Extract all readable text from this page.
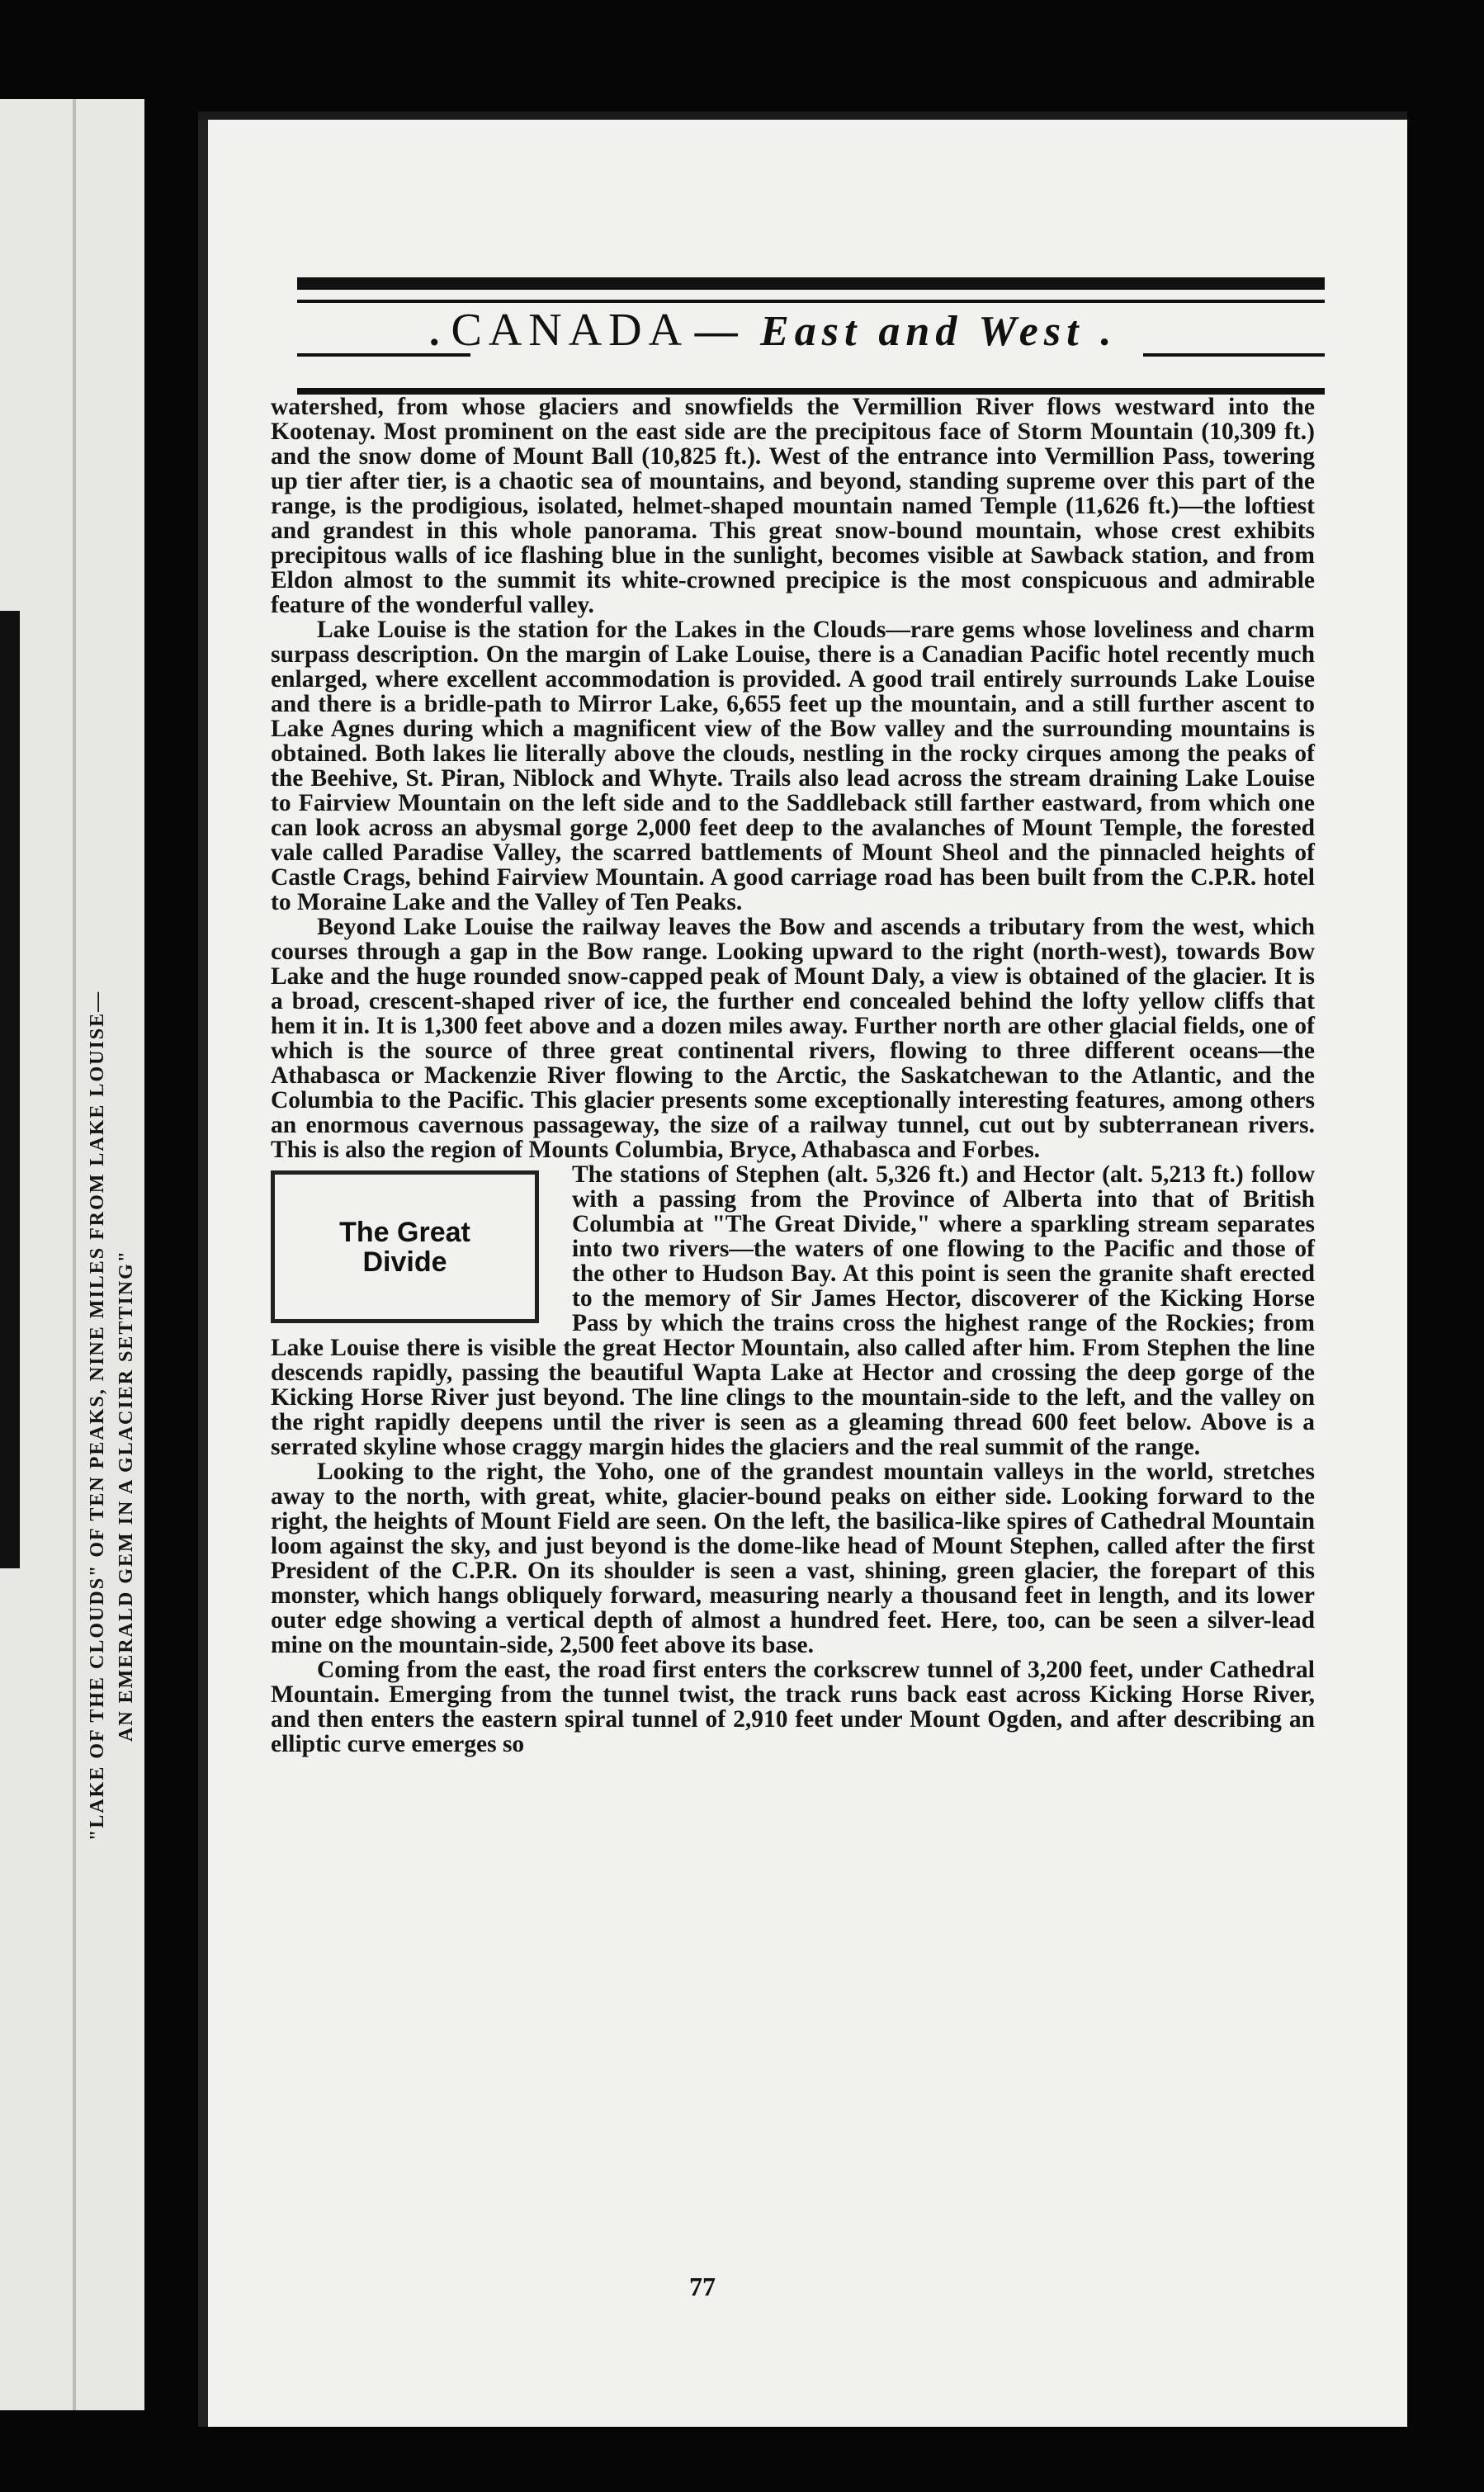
"LAKE OF THE CLOUDS" OF TEN PEAKS, NINE MILES FROM LAKE LOUISE— AN EMERALD GEM IN A GLACIER SETTING"
. CANADA — East and West .

watershed, from whose glaciers and snowfields the Vermillion River flows westward into the Kootenay. Most prominent on the east side are the precipitous face of Storm Mountain (10,309 ft.) and the snow dome of Mount Ball (10,825 ft.). West of the entrance into Vermillion Pass, towering up tier after tier, is a chaotic sea of mountains, and beyond, standing supreme over this part of the range, is the prodigious, isolated, helmet-shaped mountain named Temple (11,626 ft.)—the loftiest and grandest in this whole panorama. This great snow-bound mountain, whose crest exhibits precipitous walls of ice flashing blue in the sunlight, becomes visible at Sawback station, and from Eldon almost to the summit its white-crowned precipice is the most conspicuous and admirable feature of the wonderful valley.

Lake Louise is the station for the Lakes in the Clouds—rare gems whose loveliness and charm surpass description. On the margin of Lake Louise, there is a Canadian Pacific hotel recently much enlarged, where excellent accommodation is provided. A good trail entirely surrounds Lake Louise and there is a bridle-path to Mirror Lake, 6,655 feet up the mountain, and a still further ascent to Lake Agnes during which a magnificent view of the Bow valley and the surrounding mountains is obtained. Both lakes lie literally above the clouds, nestling in the rocky cirques among the peaks of the Beehive, St. Piran, Niblock and Whyte. Trails also lead across the stream draining Lake Louise to Fairview Mountain on the left side and to the Saddleback still farther eastward, from which one can look across an abysmal gorge 2,000 feet deep to the avalanches of Mount Temple, the forested vale called Paradise Valley, the scarred battlements of Mount Sheol and the pinnacled heights of Castle Crags, behind Fairview Mountain. A good carriage road has been built from the C.P.R. hotel to Moraine Lake and the Valley of Ten Peaks.

Beyond Lake Louise the railway leaves the Bow and ascends a tributary from the west, which courses through a gap in the Bow range. Looking upward to the right (north-west), towards Bow Lake and the huge rounded snow-capped peak of Mount Daly, a view is obtained of the glacier. It is a broad, crescent-shaped river of ice, the further end concealed behind the lofty yellow cliffs that hem it in. It is 1,300 feet above and a dozen miles away. Further north are other glacial fields, one of which is the source of three great continental rivers, flowing to three different oceans—the Athabasca or Mackenzie River flowing to the Arctic, the Saskatchewan to the Atlantic, and the Columbia to the Pacific. This glacier presents some exceptionally interesting features, among others an enormous cavernous passageway, the size of a railway tunnel, cut out by subterranean rivers. This is also the region of Mounts Columbia, Bryce, Athabasca and Forbes.

The Great
Divide

The stations of Stephen (alt. 5,326 ft.) and Hector (alt. 5,213 ft.) follow with a passing from the Province of Alberta into that of British Columbia at "The Great Divide," where a sparkling stream separates into two rivers—the waters of one flowing to the Pacific and those of the other to Hudson Bay. At this point is seen the granite shaft erected to the memory of Sir James Hector, discoverer of the Kicking Horse Pass by which the trains cross the highest range of the Rockies; from Lake Louise there is visible the great Hector Mountain, also called after him. From Stephen the line descends rapidly, passing the beautiful Wapta Lake at Hector and crossing the deep gorge of the Kicking Horse River just beyond. The line clings to the mountain-side to the left, and the valley on the right rapidly deepens until the river is seen as a gleaming thread 600 feet below. Above is a serrated skyline whose craggy margin hides the glaciers and the real summit of the range.

Looking to the right, the Yoho, one of the grandest mountain valleys in the world, stretches away to the north, with great, white, glacier-bound peaks on either side. Looking forward to the right, the heights of Mount Field are seen. On the left, the basilica-like spires of Cathedral Mountain loom against the sky, and just beyond is the dome-like head of Mount Stephen, called after the first President of the C.P.R. On its shoulder is seen a vast, shining, green glacier, the forepart of this monster, which hangs obliquely forward, measuring nearly a thousand feet in length, and its lower outer edge showing a vertical depth of almost a hundred feet. Here, too, can be seen a silver-lead mine on the mountain-side, 2,500 feet above its base.

Coming from the east, the road first enters the corkscrew tunnel of 3,200 feet, under Cathedral Mountain. Emerging from the tunnel twist, the track runs back east across Kicking Horse River, and then enters the eastern spiral tunnel of 2,910 feet under Mount Ogden, and after describing an elliptic curve emerges so

77
